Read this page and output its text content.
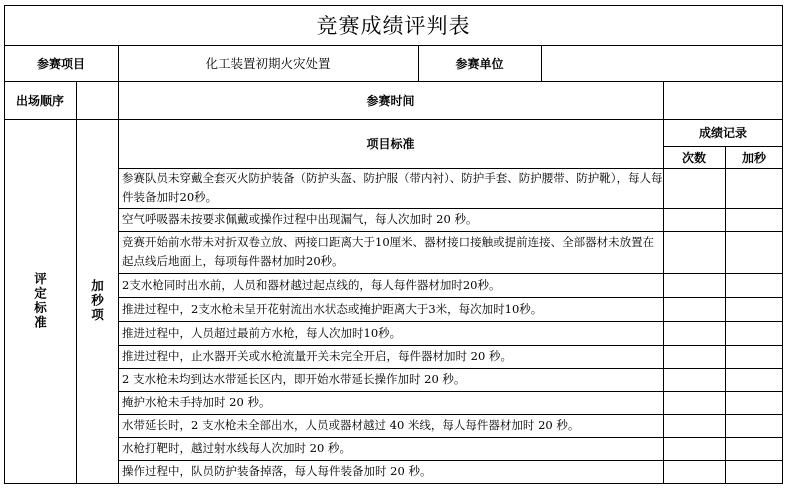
竞赛成绩评判表
参赛项目	化工装置初期火灾处置	参赛单位
出场顺序	参赛时间
项目标准
成绩记录
次数	加秒
评定标准	加秒项
参赛队员未穿戴全套灭火防护装备（防护头盔、防护服（带内衬）、防护手套、防护腰带、防护靴），每人每件装备加时20秒。
空气呼吸器未按要求佩戴或操作过程中出现漏气，每人次加时 20 秒。
竞赛开始前水带未对折双卷立放、两接口距离大于10厘米、器材接口接触或提前连接、全部器材未放置在起点线后地面上，每项每件器材加时20秒。
2支水枪同时出水前，人员和器材越过起点线的，每人每件器材加时20秒。
推进过程中，2支水枪未呈开花射流出水状态或掩护距离大于3米，每次加时10秒。
推进过程中，人员超过最前方水枪，每人次加时10秒。
推进过程中，止水器开关或水枪流量开关未完全开启，每件器材加时 20 秒。
2 支水枪未均到达水带延长区内，即开始水带延长操作加时 20 秒。
掩护水枪未手持加时 20 秒。
水带延长时，2 支水枪未全部出水，人员或器材越过 40 米线，每人每件器材加时 20 秒。
水枪打靶时，越过射水线每人次加时 20 秒。
操作过程中，队员防护装备掉落，每人每件装备加时 20 秒。
